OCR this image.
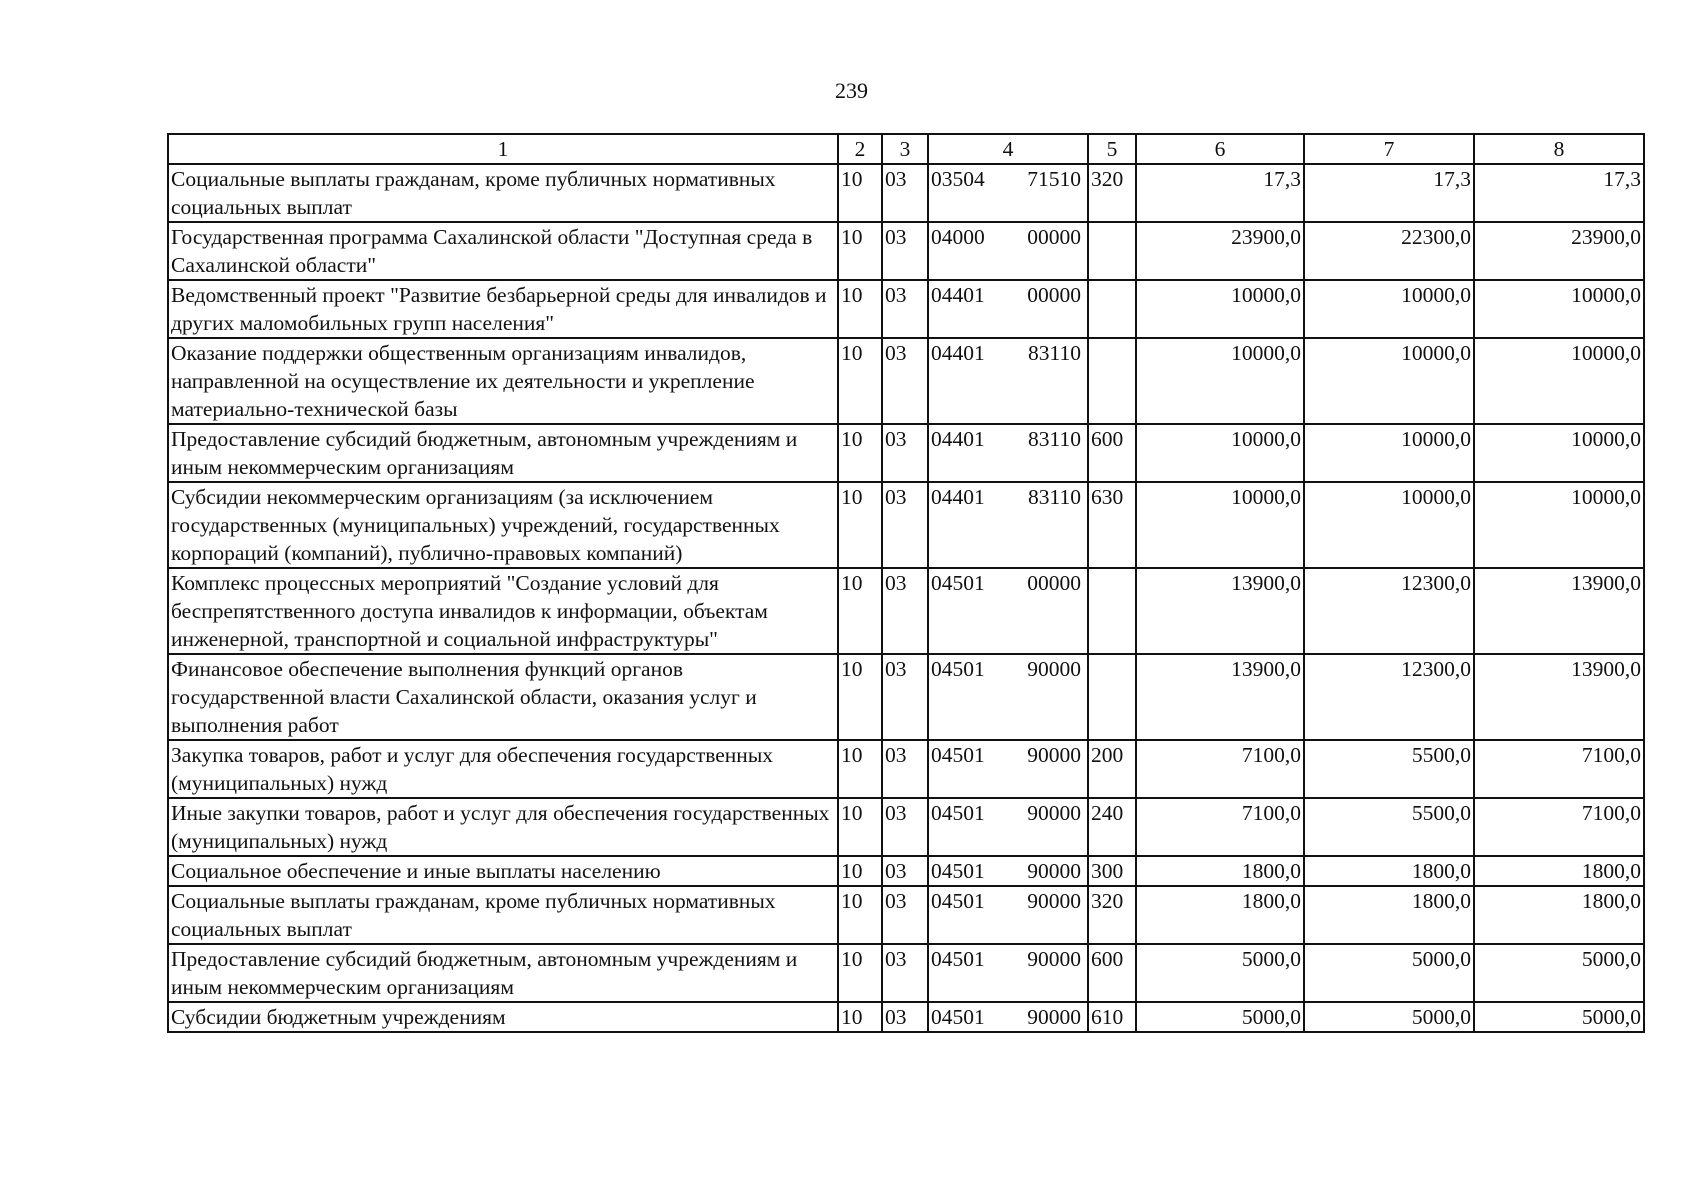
239
1	2	3	4	5	6	7	8
Социальные выплаты гражданам, кроме публичных нормативных социальных выплат	10	03	03504 71510	320	17,3	17,3	17,3
Государственная программа Сахалинской области "Доступная среда в Сахалинской области"	10	03	04000 00000		23900,0	22300,0	23900,0
Ведомственный проект "Развитие безбарьерной среды для инвалидов и других маломобильных групп населения"	10	03	04401 00000		10000,0	10000,0	10000,0
Оказание поддержки общественным организациям инвалидов, направленной на осуществление их деятельности и укрепление материально-технической базы	10	03	04401 83110		10000,0	10000,0	10000,0
Предоставление субсидий бюджетным, автономным учреждениям и иным некоммерческим организациям	10	03	04401 83110	600	10000,0	10000,0	10000,0
Субсидии некоммерческим организациям (за исключением государственных (муниципальных) учреждений, государственных корпораций (компаний), публично-правовых компаний)	10	03	04401 83110	630	10000,0	10000,0	10000,0
Комплекс процессных мероприятий "Создание условий для беспрепятственного доступа инвалидов к информации, объектам инженерной, транспортной и социальной инфраструктуры"	10	03	04501 00000		13900,0	12300,0	13900,0
Финансовое обеспечение выполнения функций органов государственной власти Сахалинской области, оказания услуг и выполнения работ	10	03	04501 90000		13900,0	12300,0	13900,0
Закупка товаров, работ и услуг для обеспечения государственных (муниципальных) нужд	10	03	04501 90000	200	7100,0	5500,0	7100,0
Иные закупки товаров, работ и услуг для обеспечения государственных (муниципальных) нужд	10	03	04501 90000	240	7100,0	5500,0	7100,0
Социальное обеспечение и иные выплаты населению	10	03	04501 90000	300	1800,0	1800,0	1800,0
Социальные выплаты гражданам, кроме публичных нормативных социальных выплат	10	03	04501 90000	320	1800,0	1800,0	1800,0
Предоставление субсидий бюджетным, автономным учреждениям и иным некоммерческим организациям	10	03	04501 90000	600	5000,0	5000,0	5000,0
Субсидии бюджетным учреждениям	10	03	04501 90000	610	5000,0	5000,0	5000,0
